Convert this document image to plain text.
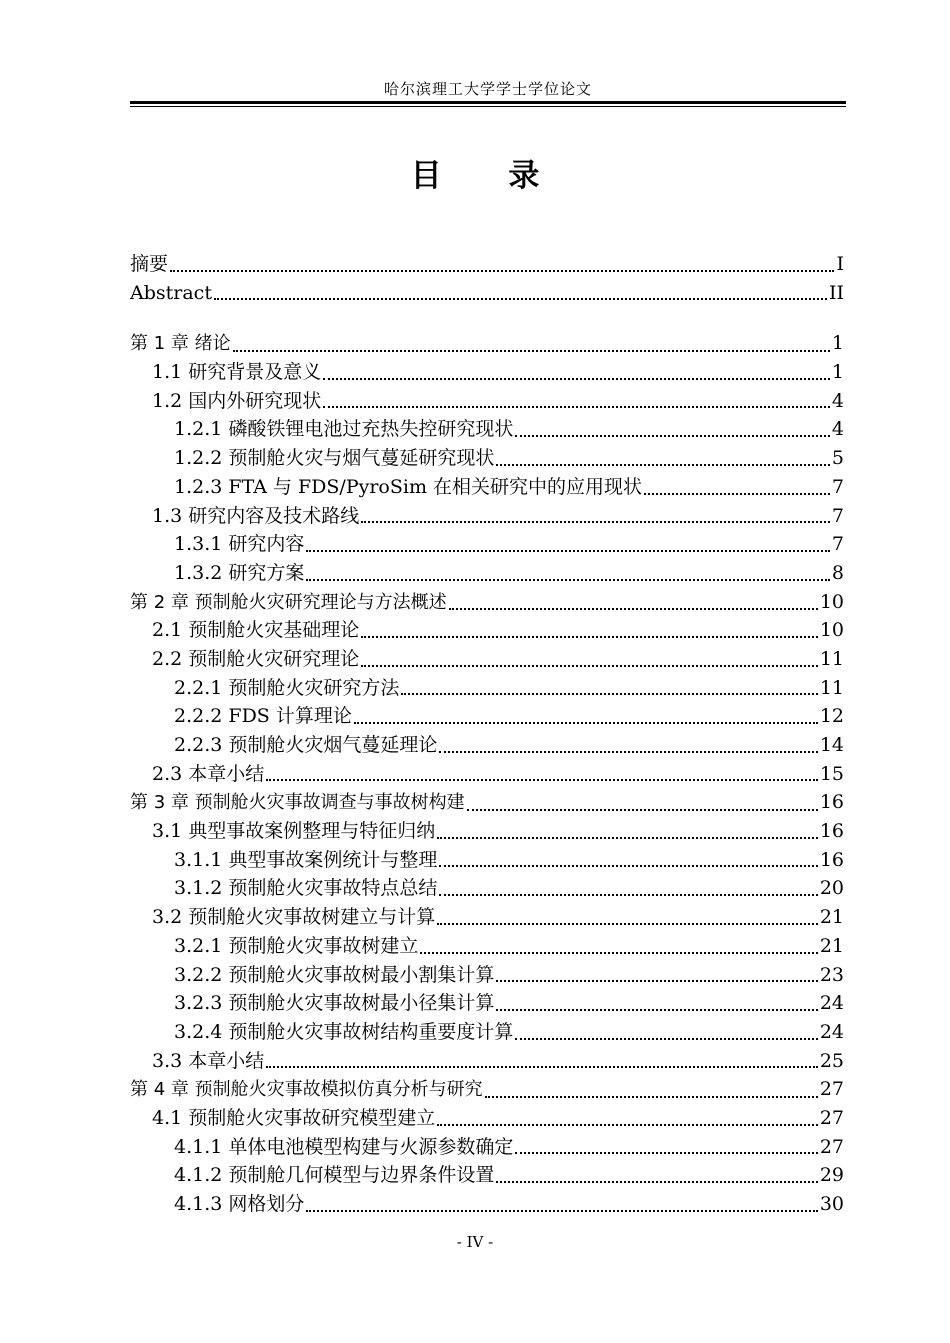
哈尔滨理工大学学士学位论文
目 录
摘要	I
Abstract	II
第 1 章 绪论	1
1.1 研究背景及意义	1
1.2 国内外研究现状	4
1.2.1 磷酸铁锂电池过充热失控研究现状	4
1.2.2 预制舱火灾与烟气蔓延研究现状	5
1.2.3 FTA 与 FDS/PyroSim 在相关研究中的应用现状	7
1.3 研究内容及技术路线	7
1.3.1 研究内容	7
1.3.2 研究方案	8
第 2 章 预制舱火灾研究理论与方法概述	10
2.1 预制舱火灾基础理论	10
2.2 预制舱火灾研究理论	11
2.2.1 预制舱火灾研究方法	11
2.2.2 FDS 计算理论	12
2.2.3 预制舱火灾烟气蔓延理论	14
2.3 本章小结	15
第 3 章 预制舱火灾事故调查与事故树构建	16
3.1 典型事故案例整理与特征归纳	16
3.1.1 典型事故案例统计与整理	16
3.1.2 预制舱火灾事故特点总结	20
3.2 预制舱火灾事故树建立与计算	21
3.2.1 预制舱火灾事故树建立	21
3.2.2 预制舱火灾事故树最小割集计算	23
3.2.3 预制舱火灾事故树最小径集计算	24
3.2.4 预制舱火灾事故树结构重要度计算	24
3.3 本章小结	25
第 4 章 预制舱火灾事故模拟仿真分析与研究	27
4.1 预制舱火灾事故研究模型建立	27
4.1.1 单体电池模型构建与火源参数确定	27
4.1.2 预制舱几何模型与边界条件设置	29
4.1.3 网格划分	30
- IV -
